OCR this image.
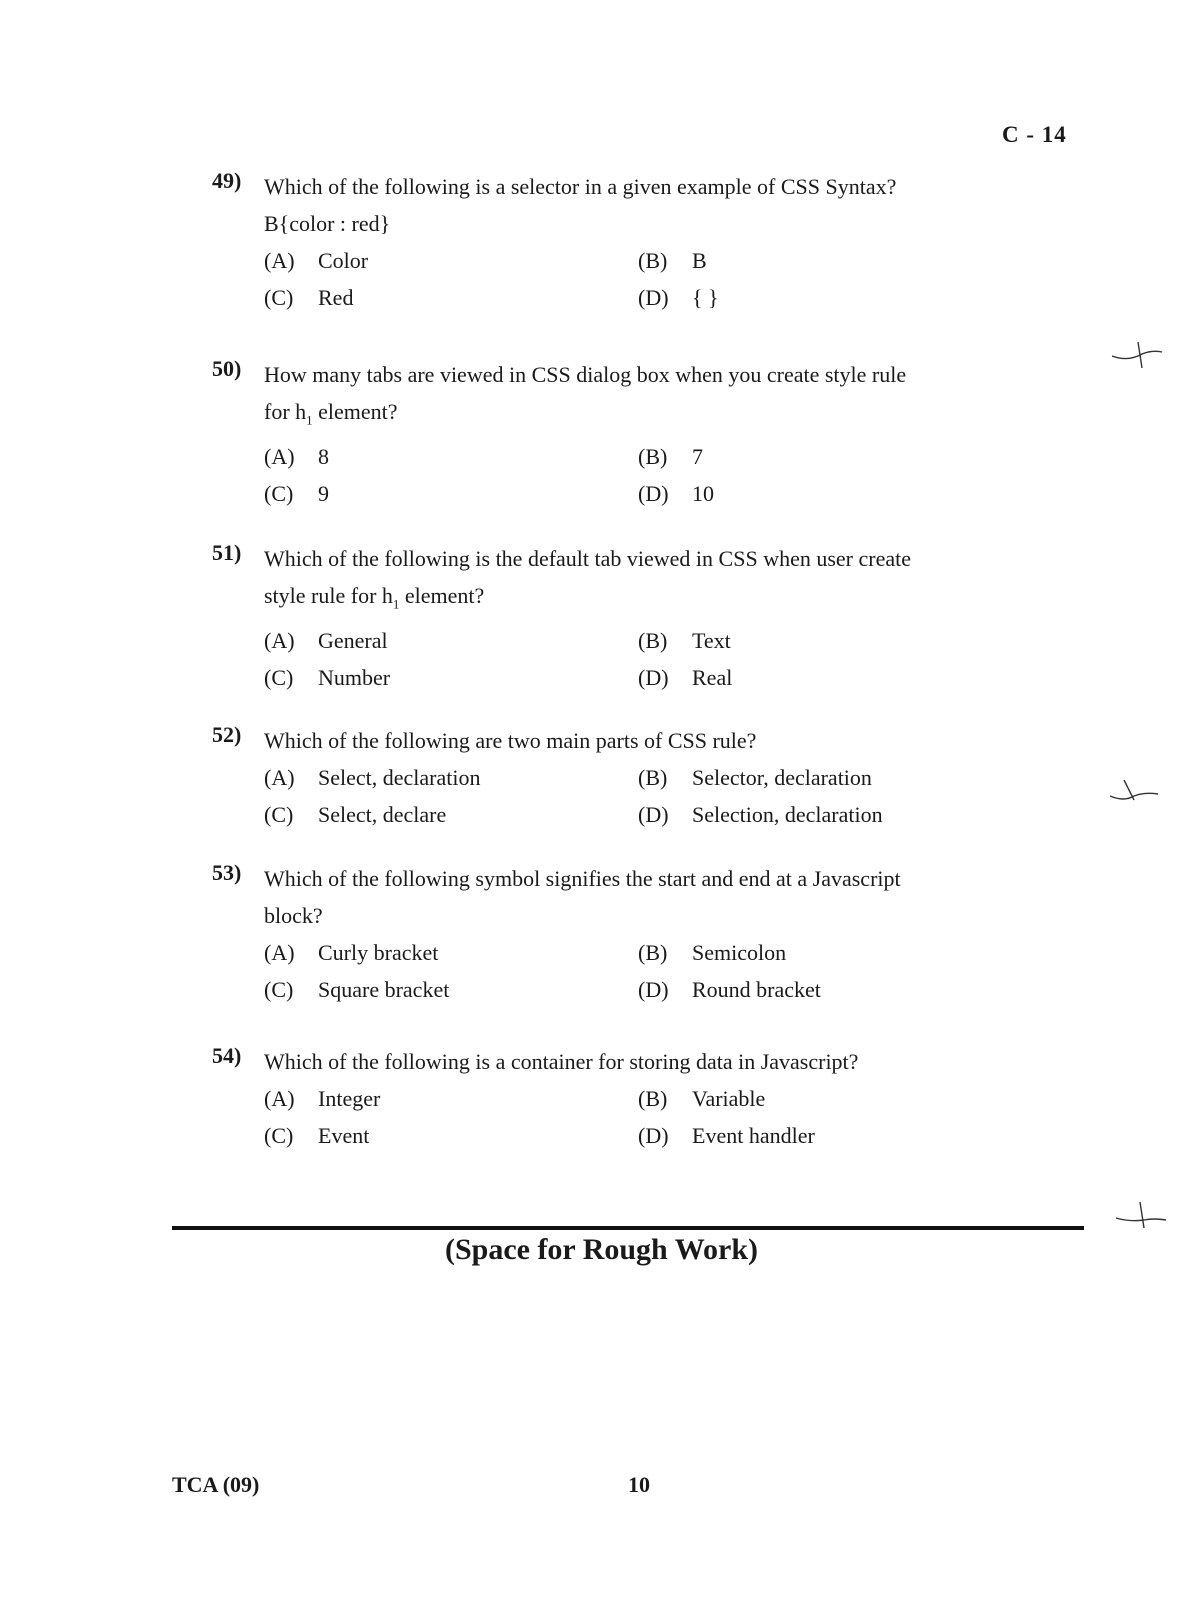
C - 14
49)	Which of the following is a selector in a given example of CSS Syntax?
B{color : red}
(A)	Color	(B)	B
(C)	Red	(D)	{ }
50)	How many tabs are viewed in CSS dialog box when you create style rule
for $h_1$ element?
(A)	8	(B)	7
(C)	9	(D)	10
51)	Which of the following is the default tab viewed in CSS when user create
style rule for $h_1$ element?
(A)	General	(B)	Text
(C)	Number	(D)	Real
52)	Which of the following are two main parts of CSS rule?
(A)	Select, declaration	(B)	Selector, declaration
(C)	Select, declare	(D)	Selection, declaration
53)	Which of the following symbol signifies the start and end at a Javascript
block?
(A)	Curly bracket	(B)	Semicolon
(C)	Square bracket	(D)	Round bracket
54)	Which of the following is a container for storing data in Javascript?
(A)	Integer	(B)	Variable
(C)	Event	(D)	Event handler
(Space for Rough Work)
TCA (09)	10
